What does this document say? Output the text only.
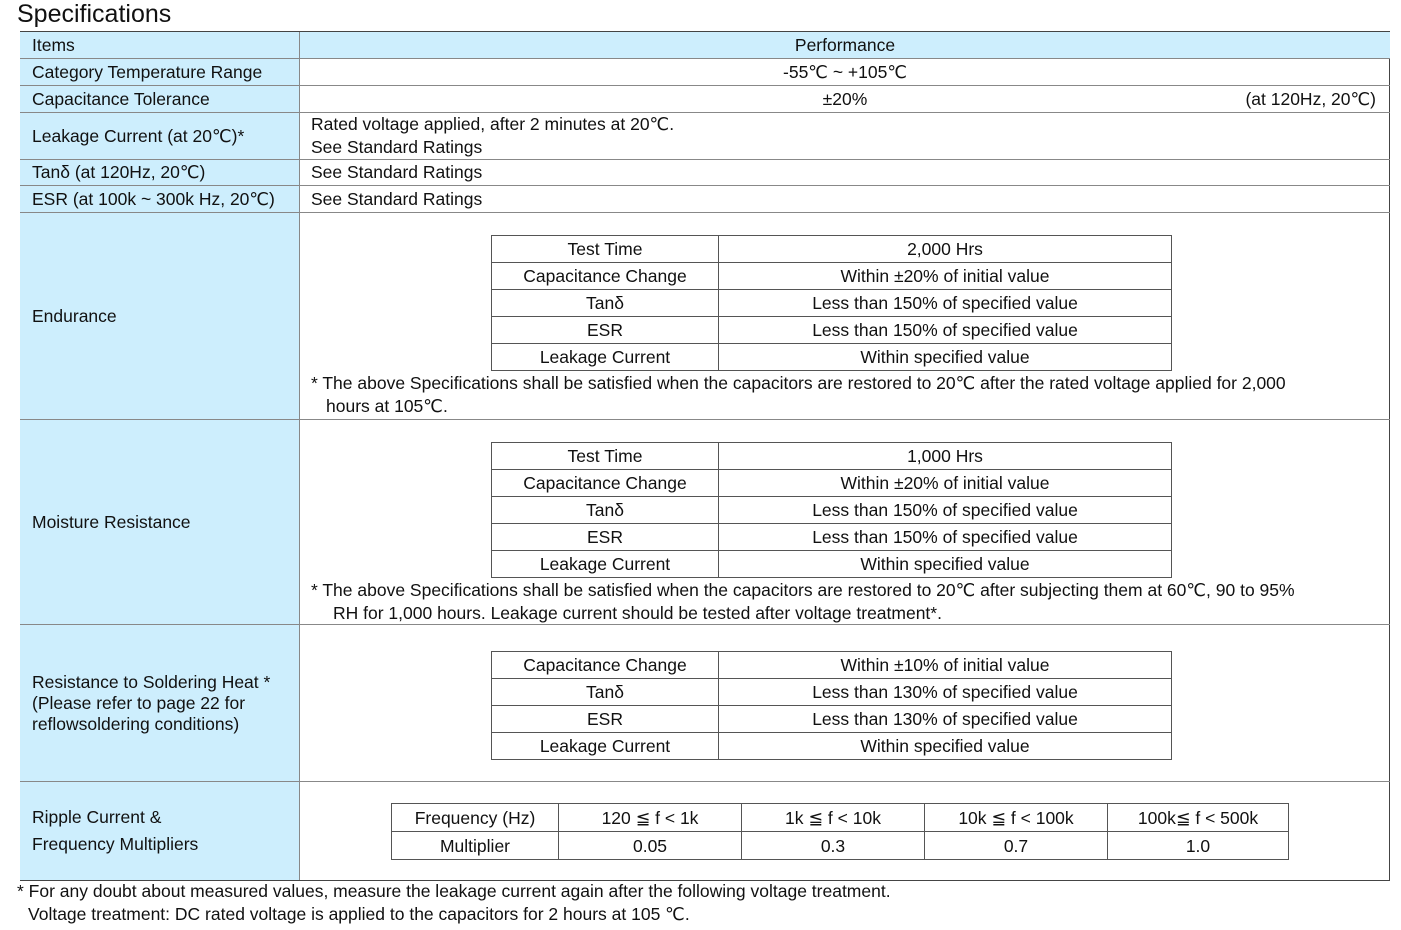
Specifications
Items	Performance
Category Temperature Range	-55℃ ~ +105℃
Capacitance Tolerance	±20%	(at 120Hz, 20℃)
Leakage Current (at 20℃)*
Rated voltage applied, after 2 minutes at 20℃.
See Standard Ratings
Tanδ (at 120Hz, 20℃)	See Standard Ratings
ESR (at 100k ~ 300k Hz, 20℃)	See Standard Ratings
Endurance
Test Time	2,000 Hrs
Capacitance Change	Within ±20% of initial value
Tanδ	Less than 150% of specified value
ESR	Less than 150% of specified value
Leakage Current	Within specified value
* The above Specifications shall be satisfied when the capacitors are restored to 20℃ after the rated voltage applied for 2,000
hours at 105℃.
Moisture Resistance
Test Time	1,000 Hrs
Capacitance Change	Within ±20% of initial value
Tanδ	Less than 150% of specified value
ESR	Less than 150% of specified value
Leakage Current	Within specified value
* The above Specifications shall be satisfied when the capacitors are restored to 20℃ after subjecting them at 60℃, 90 to 95%
RH for 1,000 hours. Leakage current should be tested after voltage treatment*.
Resistance to Soldering Heat *
(Please refer to page 22 for
reflowsoldering conditions)
Capacitance Change	Within ±10% of initial value
Tanδ	Less than 130% of specified value
ESR	Less than 130% of specified value
Leakage Current	Within specified value
Ripple Current &
Frequency Multipliers
Frequency (Hz)	120 ≦ f < 1k	1k ≦ f < 10k	10k ≦ f < 100k	100k≦ f < 500k
Multiplier	0.05	0.3	0.7	1.0
* For any doubt about measured values, measure the leakage current again after the following voltage treatment.
Voltage treatment: DC rated voltage is applied to the capacitors for 2 hours at 105 ℃.
